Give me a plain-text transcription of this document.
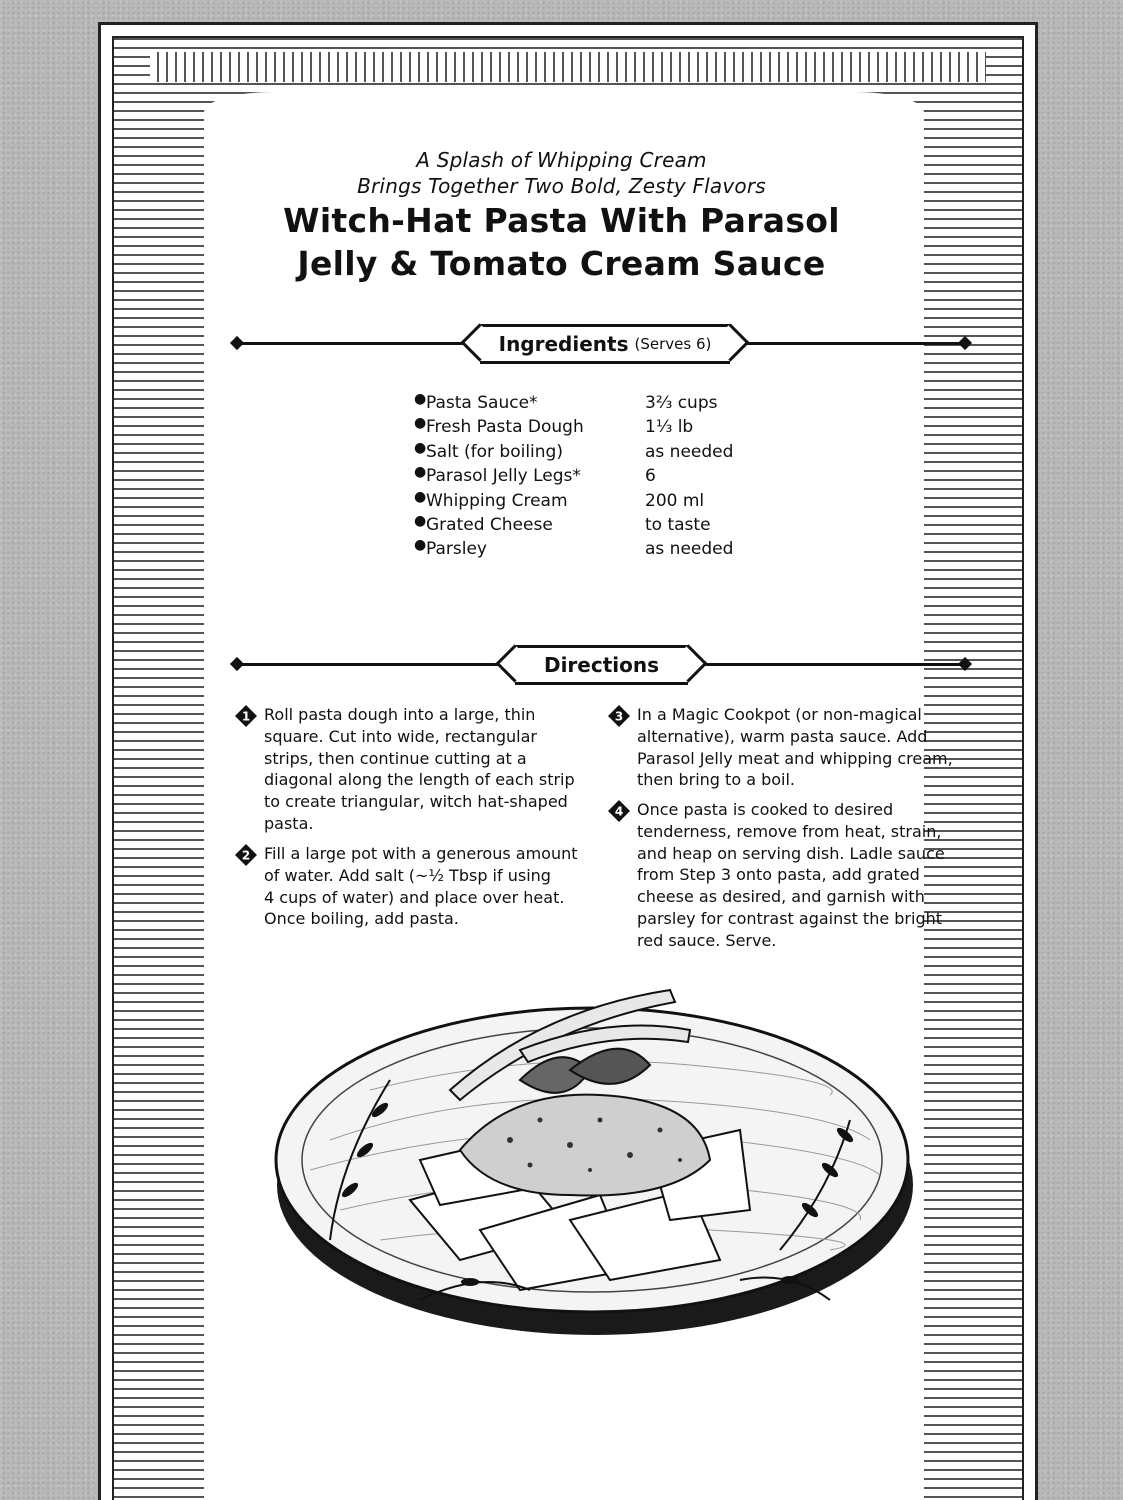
A Splash of Whipping Cream
Brings Together Two Bold, Zesty Flavors
Witch-Hat Pasta With Parasol
Jelly & Tomato Cream Sauce
Ingredients (Serves 6)
● Pasta Sauce*	3⅔ cups
● Fresh Pasta Dough	1⅓ lb
● Salt (for boiling)	as needed
● Parasol Jelly Legs*	6
● Whipping Cream	200 ml
● Grated Cheese	to taste
● Parsley	as needed
Directions
1 Roll pasta dough into a large, thin
square. Cut into wide, rectangular
strips, then continue cutting at a
diagonal along the length of each strip
to create triangular, witch hat-shaped
pasta.
2 Fill a large pot with a generous amount
of water. Add salt (~½ Tbsp if using
4 cups of water) and place over heat.
Once boiling, add pasta.
3 In a Magic Cookpot (or non-magical
alternative), warm pasta sauce. Add
Parasol Jelly meat and whipping cream,
then bring to a boil.
4 Once pasta is cooked to desired
tenderness, remove from heat, strain,
and heap on serving dish. Ladle sauce
from Step 3 onto pasta, add grated
cheese as desired, and garnish with
parsley for contrast against the bright
red sauce. Serve.
